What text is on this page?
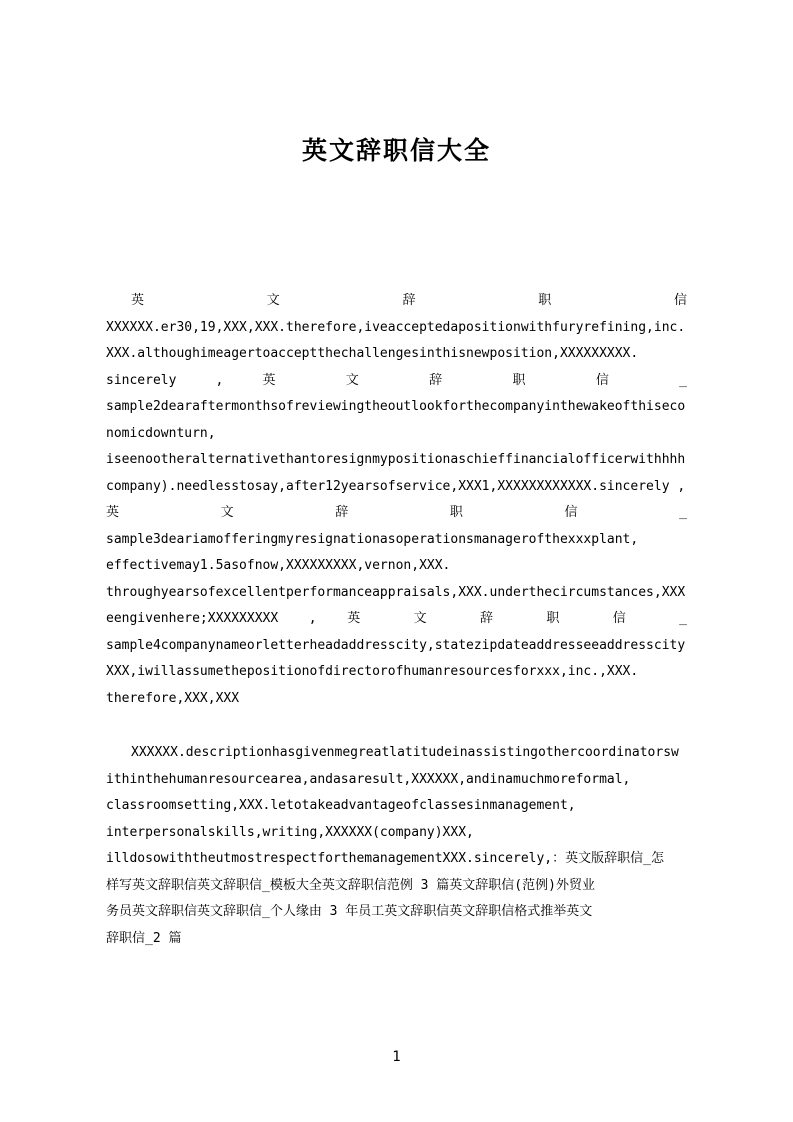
英文辞职信大全
英 文 辞 职 信
XXXXXX.er30,19,XXX,XXX.therefore,iveacceptedapositionwithfuryrefining,inc.
XXX.althoughimeagertoacceptthechallengesinthisnewposition,XXXXXXXXX.
sincerely , 英 文 辞 职 信 _
sample2dearaftermonthsofreviewingtheoutlookforthecompanyinthewakeofthiseco
nomicdownturn,
iseenootheralternativethantoresignmypositionaschieffinancialofficerwithhhh
company).needlesstosay,after12yearsofservice,XXX1,XXXXXXXXXXXX.sincerely ,
英 文 辞 职 信 _
sample3deariamofferingmyresignationasoperationsmanagerofthexxxplant,
effectivemay1.5asofnow,XXXXXXXXX,vernon,XXX.
throughyearsofexcellentperformanceappraisals,XXX.underthecircumstances,XXX
eengivenhere;XXXXXXXXX , 英 文 辞 职 信 _
sample4companynameorletterheadaddresscity,statezipdateaddresseeaddresscity
XXX,iwillassumethepositionofdirectorofhumanresourcesforxxx,inc.,XXX.
therefore,XXX,XXX
XXXXXX.descriptionhasgivenmegreatlatitudeinassistingothercoordinatorsw
ithinthehumanresourcearea,andasaresult,XXXXXX,andinamuchmoreformal,
classroomsetting,XXX.letotakeadvantageofclassesinmanagement,
interpersonalskills,writing,XXXXXX(company)XXX,
illdosowiththeutmostrespectforthemanagementXXX.sincerely,：英文版辞职信_怎
样写英文辞职信英文辞职信_模板大全英文辞职信范例 3 篇英文辞职信(范例)外贸业
务员英文辞职信英文辞职信_个人缘由 3 年员工英文辞职信英文辞职信格式推举英文
辞职信_2 篇
1
